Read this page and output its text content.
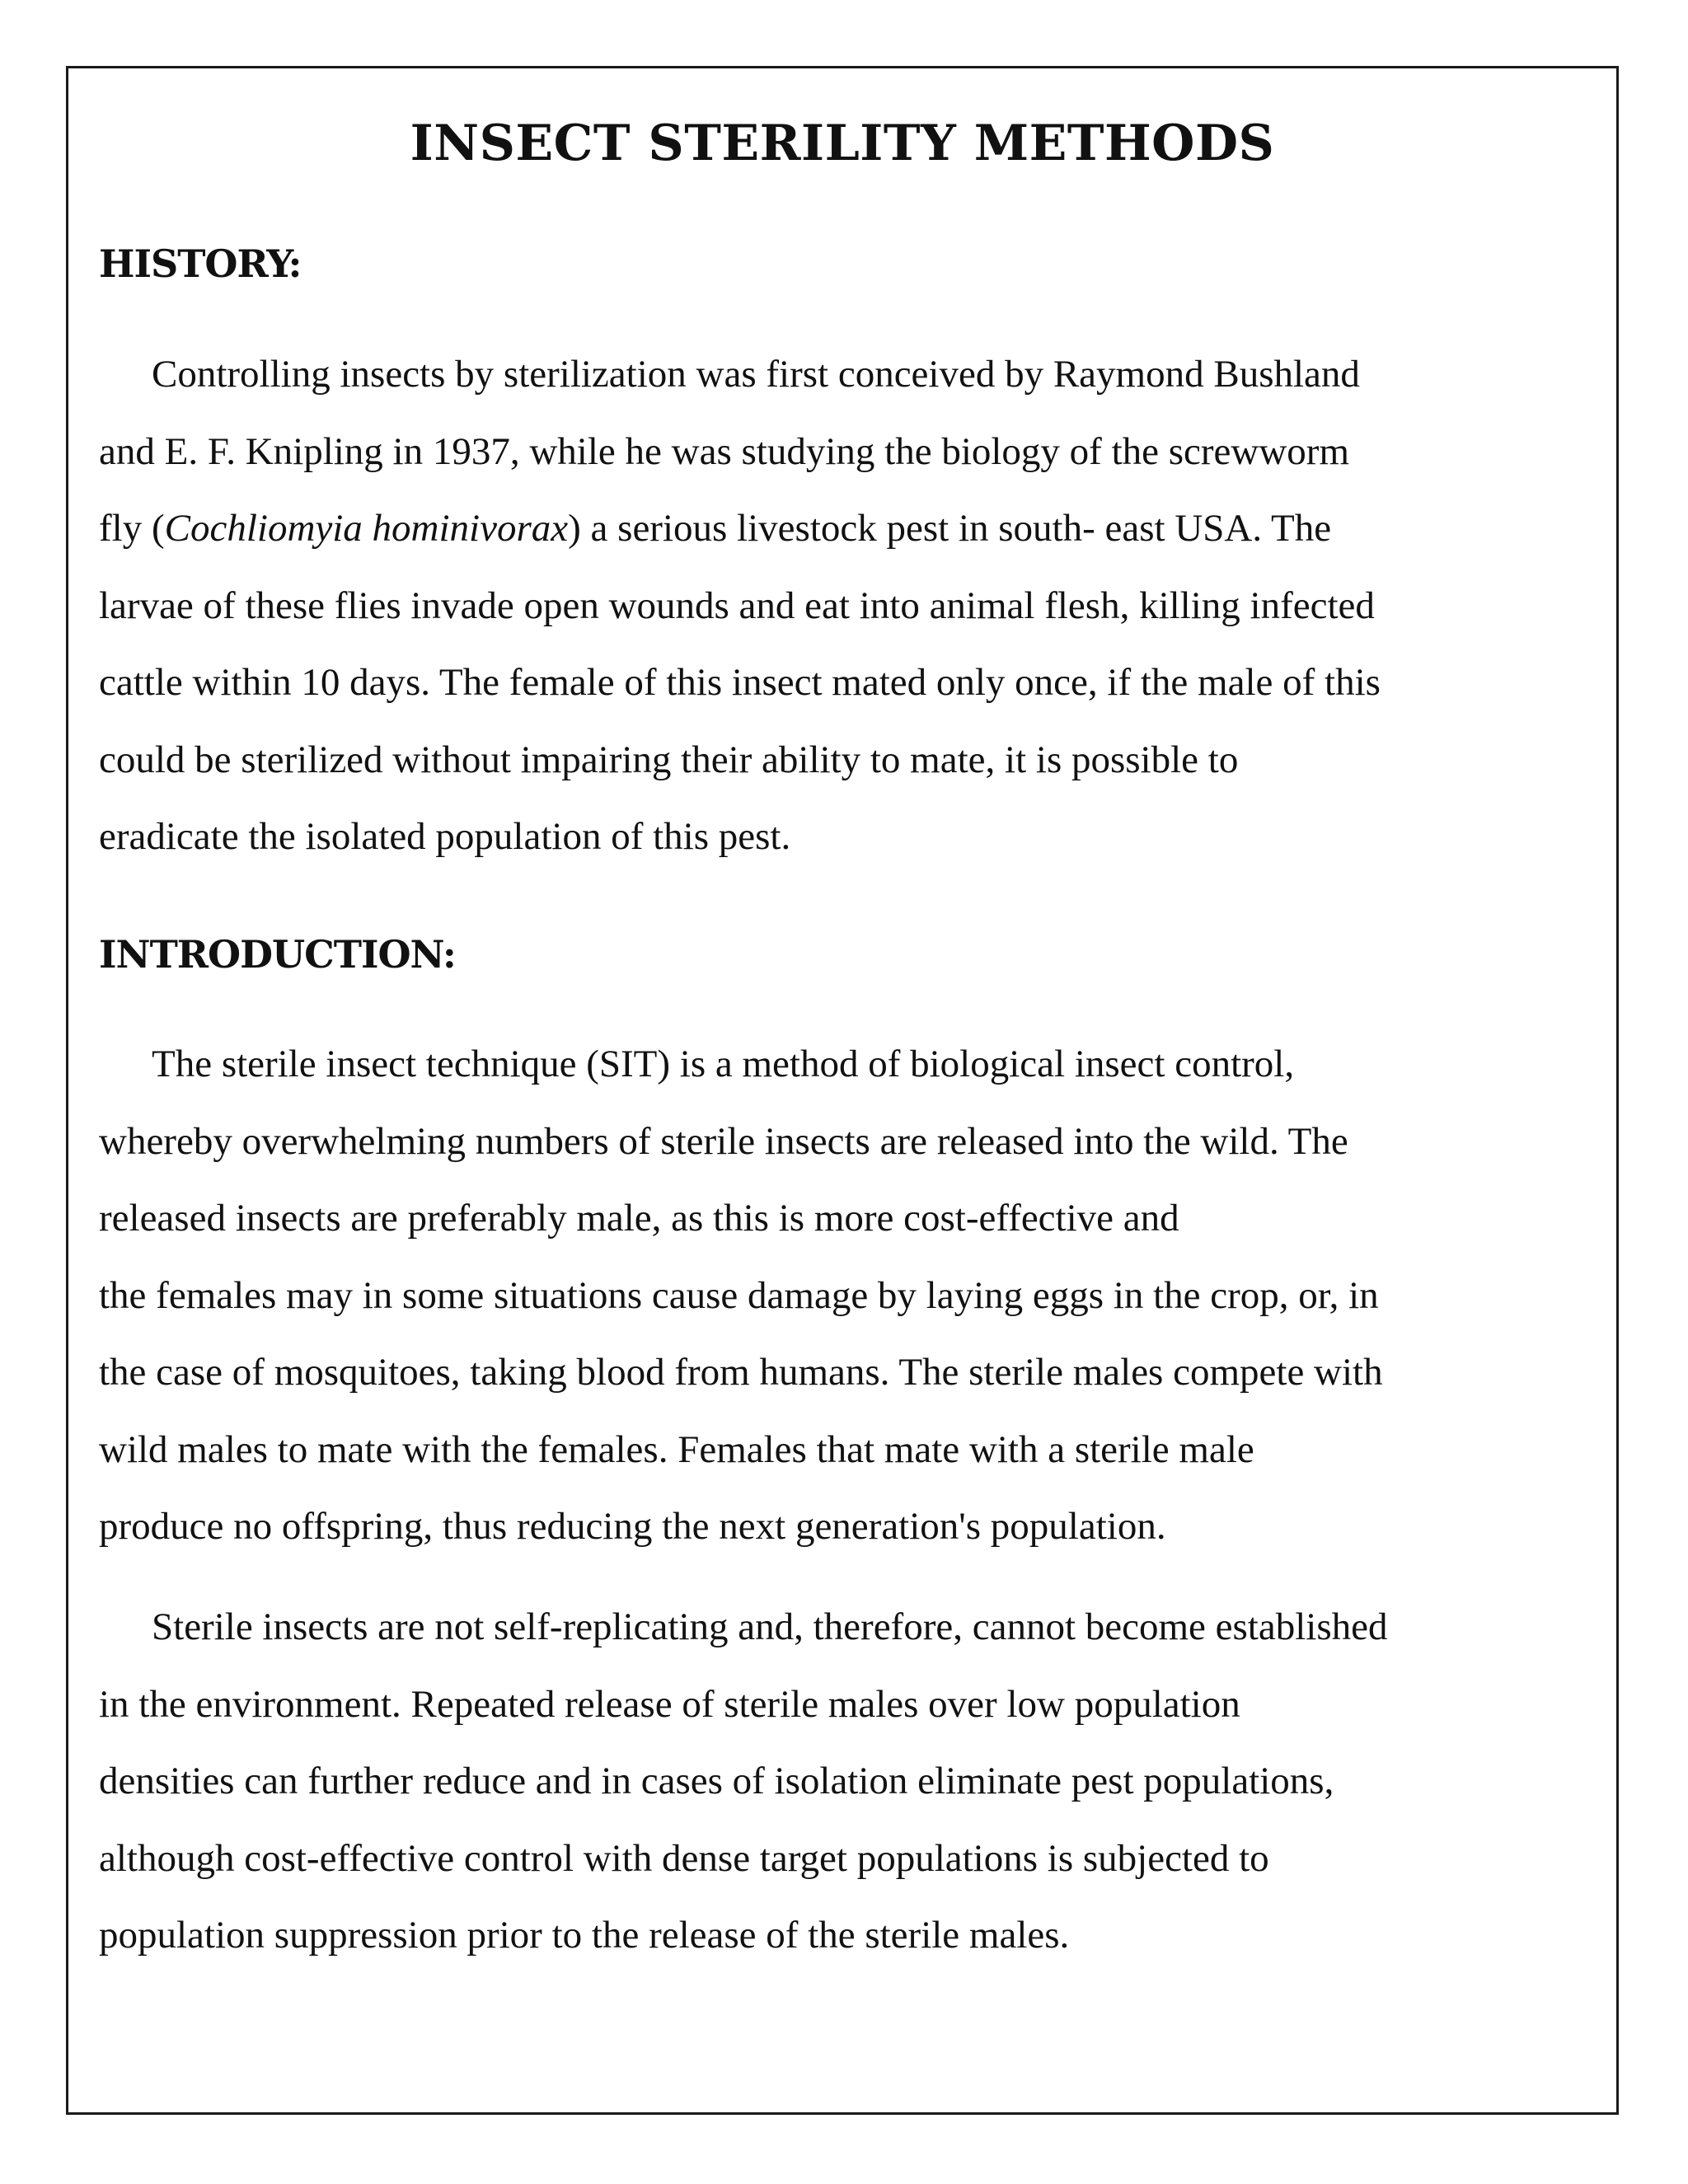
INSECT STERILITY METHODS
HISTORY:

Controlling insects by sterilization was first conceived by Raymond Bushland
and E. F. Knipling in 1937, while he was studying the biology of the screwworm
fly (Cochliomyia hominivorax) a serious livestock pest in south- east USA. The
larvae of these flies invade open wounds and eat into animal flesh, killing infected
cattle within 10 days. The female of this insect mated only once, if the male of this
could be sterilized without impairing their ability to mate, it is possible to
eradicate the isolated population of this pest.

INTRODUCTION:

The sterile insect technique (SIT) is a method of biological insect control,
whereby overwhelming numbers of sterile insects are released into the wild. The
released insects are preferably male, as this is more cost-effective and
the females may in some situations cause damage by laying eggs in the crop, or, in
the case of mosquitoes, taking blood from humans. The sterile males compete with
wild males to mate with the females. Females that mate with a sterile male
produce no offspring, thus reducing the next generation's population.

Sterile insects are not self-replicating and, therefore, cannot become established
in the environment. Repeated release of sterile males over low population
densities can further reduce and in cases of isolation eliminate pest populations,
although cost-effective control with dense target populations is subjected to
population suppression prior to the release of the sterile males.
